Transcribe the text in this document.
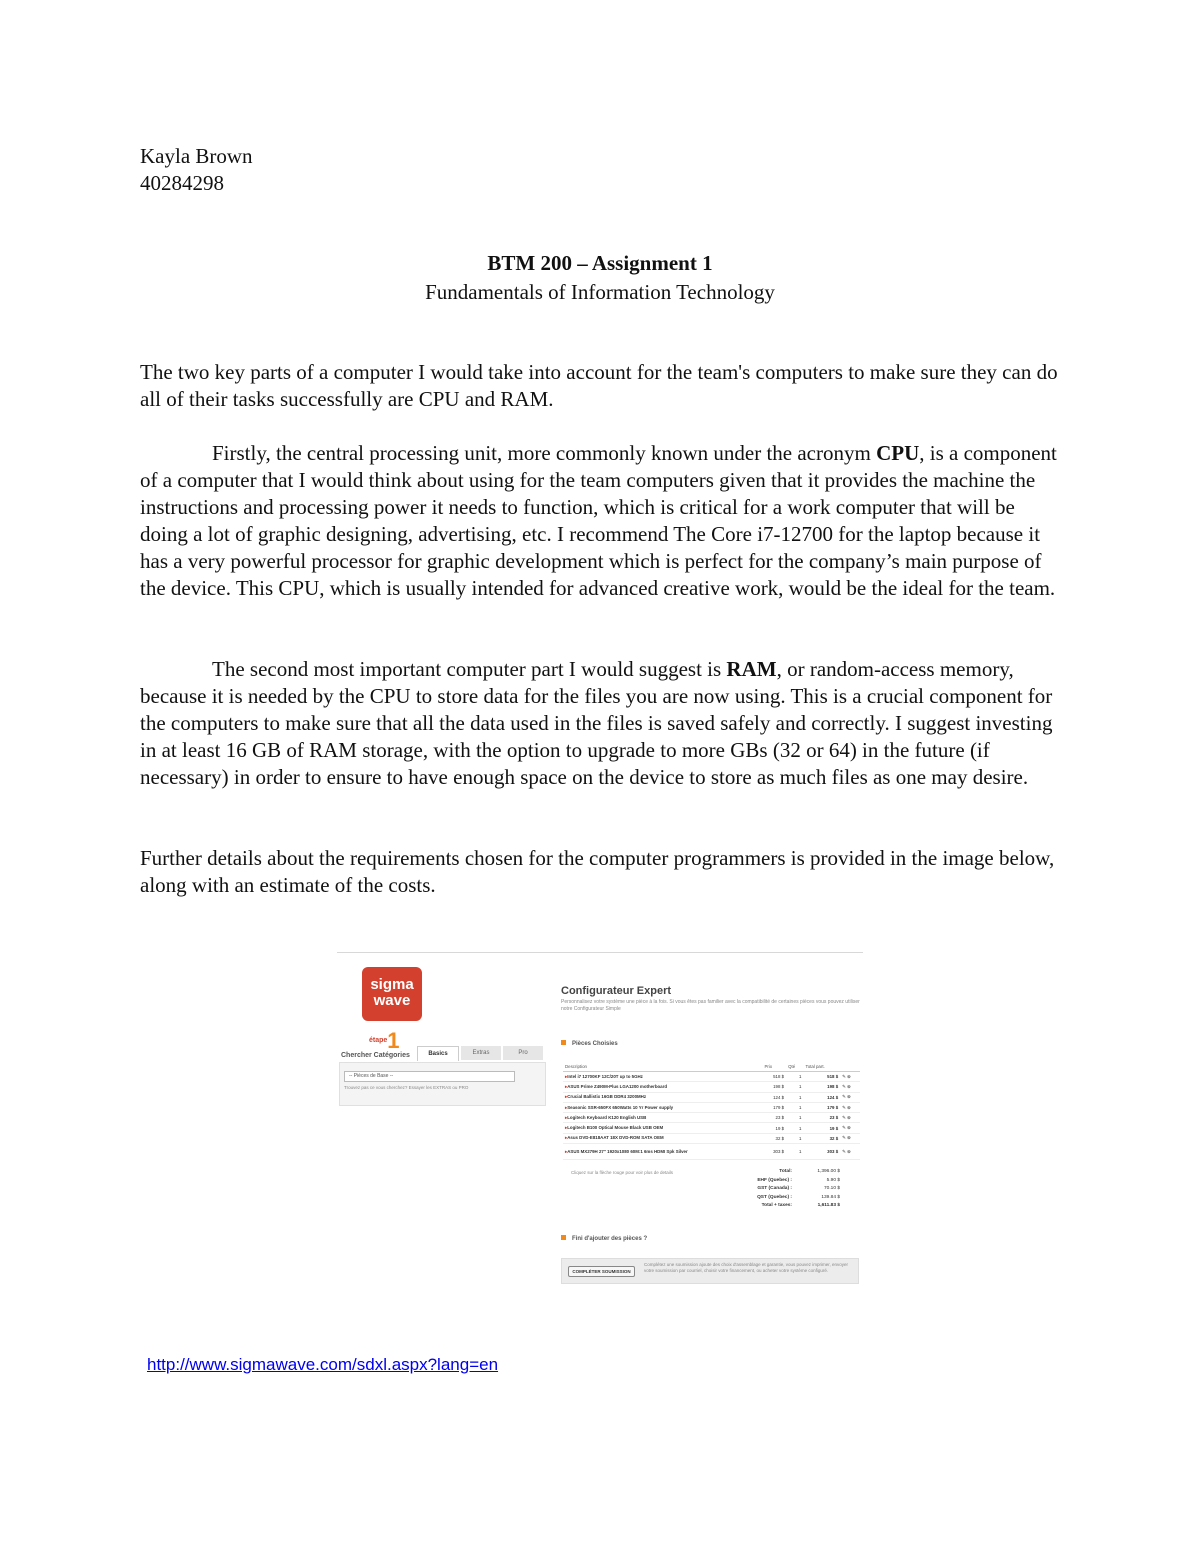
Kayla Brown
40284298
BTM 200 – Assignment 1
Fundamentals of Information Technology

The two key parts of a computer I would take into account for the team's computers to make sure they can do all of their tasks successfully are CPU and RAM.

Firstly, the central processing unit, more commonly known under the acronym CPU, is a component of a computer that I would think about using for the team computers given that it provides the machine the instructions and processing power it needs to function, which is critical for a work computer that will be doing a lot of graphic designing, advertising, etc. I recommend The Core i7-12700 for the laptop because it has a very powerful processor for graphic development which is perfect for the company’s main purpose of the device. This CPU, which is usually intended for advanced creative work, would be the ideal for the team.

The second most important computer part I would suggest is RAM, or random-access memory, because it is needed by the CPU to store data for the files you are now using. This is a crucial component for the computers to make sure that all the data used in the files is saved safely and correctly. I suggest investing in at least 16 GB of RAM storage, with the option to upgrade to more GBs (32 or 64) in the future (if necessary) in order to ensure to have enough space on the device to store as much files as one may desire.

Further details about the requirements chosen for the computer programmers is provided in the image below, along with an estimate of the costs.

sigma
wave
$^{étape}$1
Chercher Catégories	Basics	Extras	Pro
-- Pièces de Base --
Trouvez pas ce vous cherchez? Essayer les EXTRAS ou PRO
Configurateur Expert
Personnalisez votre système une pièce à la fois. Si vous êtes pas familier avec la compatibilité de certaines pièces vous pouvez utiliser notre Configurateur Simple
Pièces Choisies
Description	Prix	Qté	Total part.	
▸ Intel i7 12700KF 12C/20T up to 5GHz	518 $	1	518 $	✎ ⊗
▸ ASUS Prime Z490M-Plus LGA1200 motherboard	198 $	1	198 $	✎ ⊗
▸ Crucial Ballistix 16GB DDR4 3200MHz	124 $	1	124 $	✎ ⊗
▸ Seasonic SSR-650FX 650Watts 10 Yr Power supply	179 $	1	179 $	✎ ⊗
▸ Logitech Keyboard K120 English USB	23 $	1	23 $	✎ ⊗
▸ Logitech B100 Optical Mouse Black USB OEM	19 $	1	19 $	✎ ⊗
▸ Asus DVD-E818AAT 18X DVD-ROM SATA OEM	32 $	1	32 $	✎ ⊗
▸ ASUS MX279H 27" 1920x1080 60M:1 6ms HDMI Spk Silver	303 $	1	303 $	✎ ⊗
Cliquez sur la flèche rouge pour voir plus de details	Total:	1,396.00 $
EHF (Quebec) :	5.90 $
GST (Canada) :	70.10 $
QST (Quebec) :	139.84 $
Total + taxes:	1,611.83 $
Fini d'ajouter des pièces ?
COMPLÉTER SOUMISSION
Complétez une soumission ajoute des choix d'assemblage et garantie, vous pouvez imprimer, envoyer votre soumission par courriel, choisir votre financement, ou acheter votre système configuré.
http://www.sigmawave.com/sdxl.aspx?lang=en
